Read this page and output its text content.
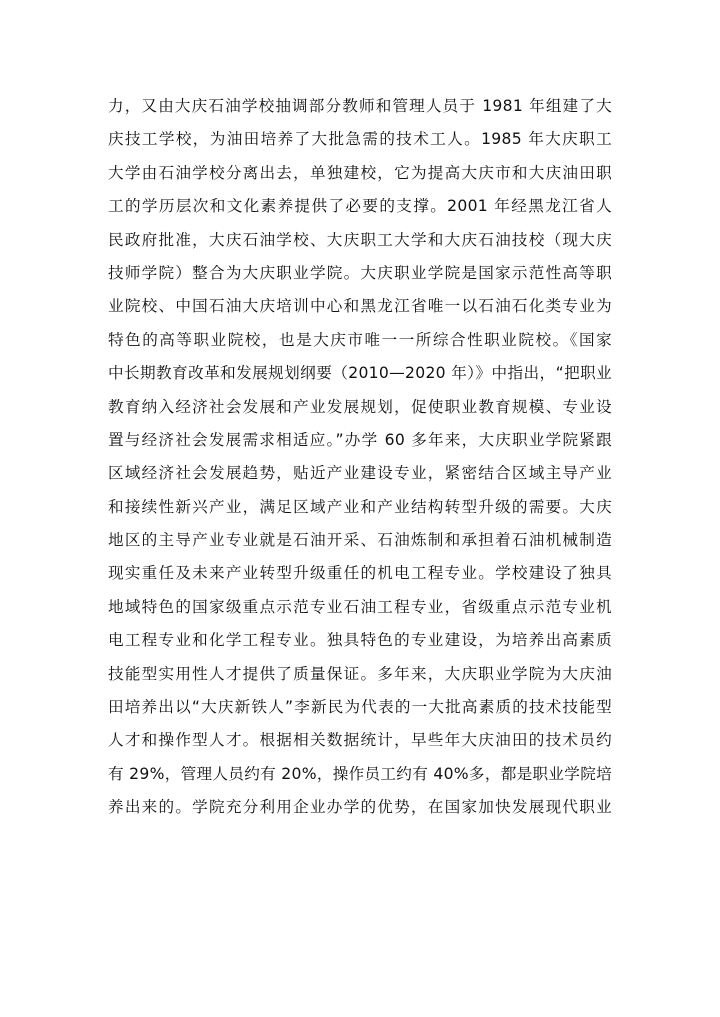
力，又由大庆石油学校抽调部分教师和管理人员于 1981 年组建了大
庆技工学校，为油田培养了大批急需的技术工人。1985 年大庆职工
大学由石油学校分离出去，单独建校，它为提高大庆市和大庆油田职
工的学历层次和文化素养提供了必要的支撑。2001 年经黑龙江省人
民政府批准，大庆石油学校、大庆职工大学和大庆石油技校（现大庆
技师学院）整合为大庆职业学院。大庆职业学院是国家示范性高等职
业院校、中国石油大庆培训中心和黑龙江省唯一以石油石化类专业为
特色的高等职业院校，也是大庆市唯一一所综合性职业院校。《国家
中长期教育改革和发展规划纲要（2010—2020 年）》中指出，“把职业
教育纳入经济社会发展和产业发展规划，促使职业教育规模、专业设
置与经济社会发展需求相适应。”办学 60 多年来，大庆职业学院紧跟
区域经济社会发展趋势，贴近产业建设专业，紧密结合区域主导产业
和接续性新兴产业，满足区域产业和产业结构转型升级的需要。大庆
地区的主导产业专业就是石油开采、石油炼制和承担着石油机械制造
现实重任及未来产业转型升级重任的机电工程专业。学校建设了独具
地域特色的国家级重点示范专业石油工程专业，省级重点示范专业机
电工程专业和化学工程专业。独具特色的专业建设，为培养出高素质
技能型实用性人才提供了质量保证。多年来，大庆职业学院为大庆油
田培养出以“大庆新铁人”李新民为代表的一大批高素质的技术技能型
人才和操作型人才。根据相关数据统计，早些年大庆油田的技术员约
有 29%，管理人员约有 20%，操作员工约有 40%多，都是职业学院培
养出来的。学院充分利用企业办学的优势，在国家加快发展现代职业
